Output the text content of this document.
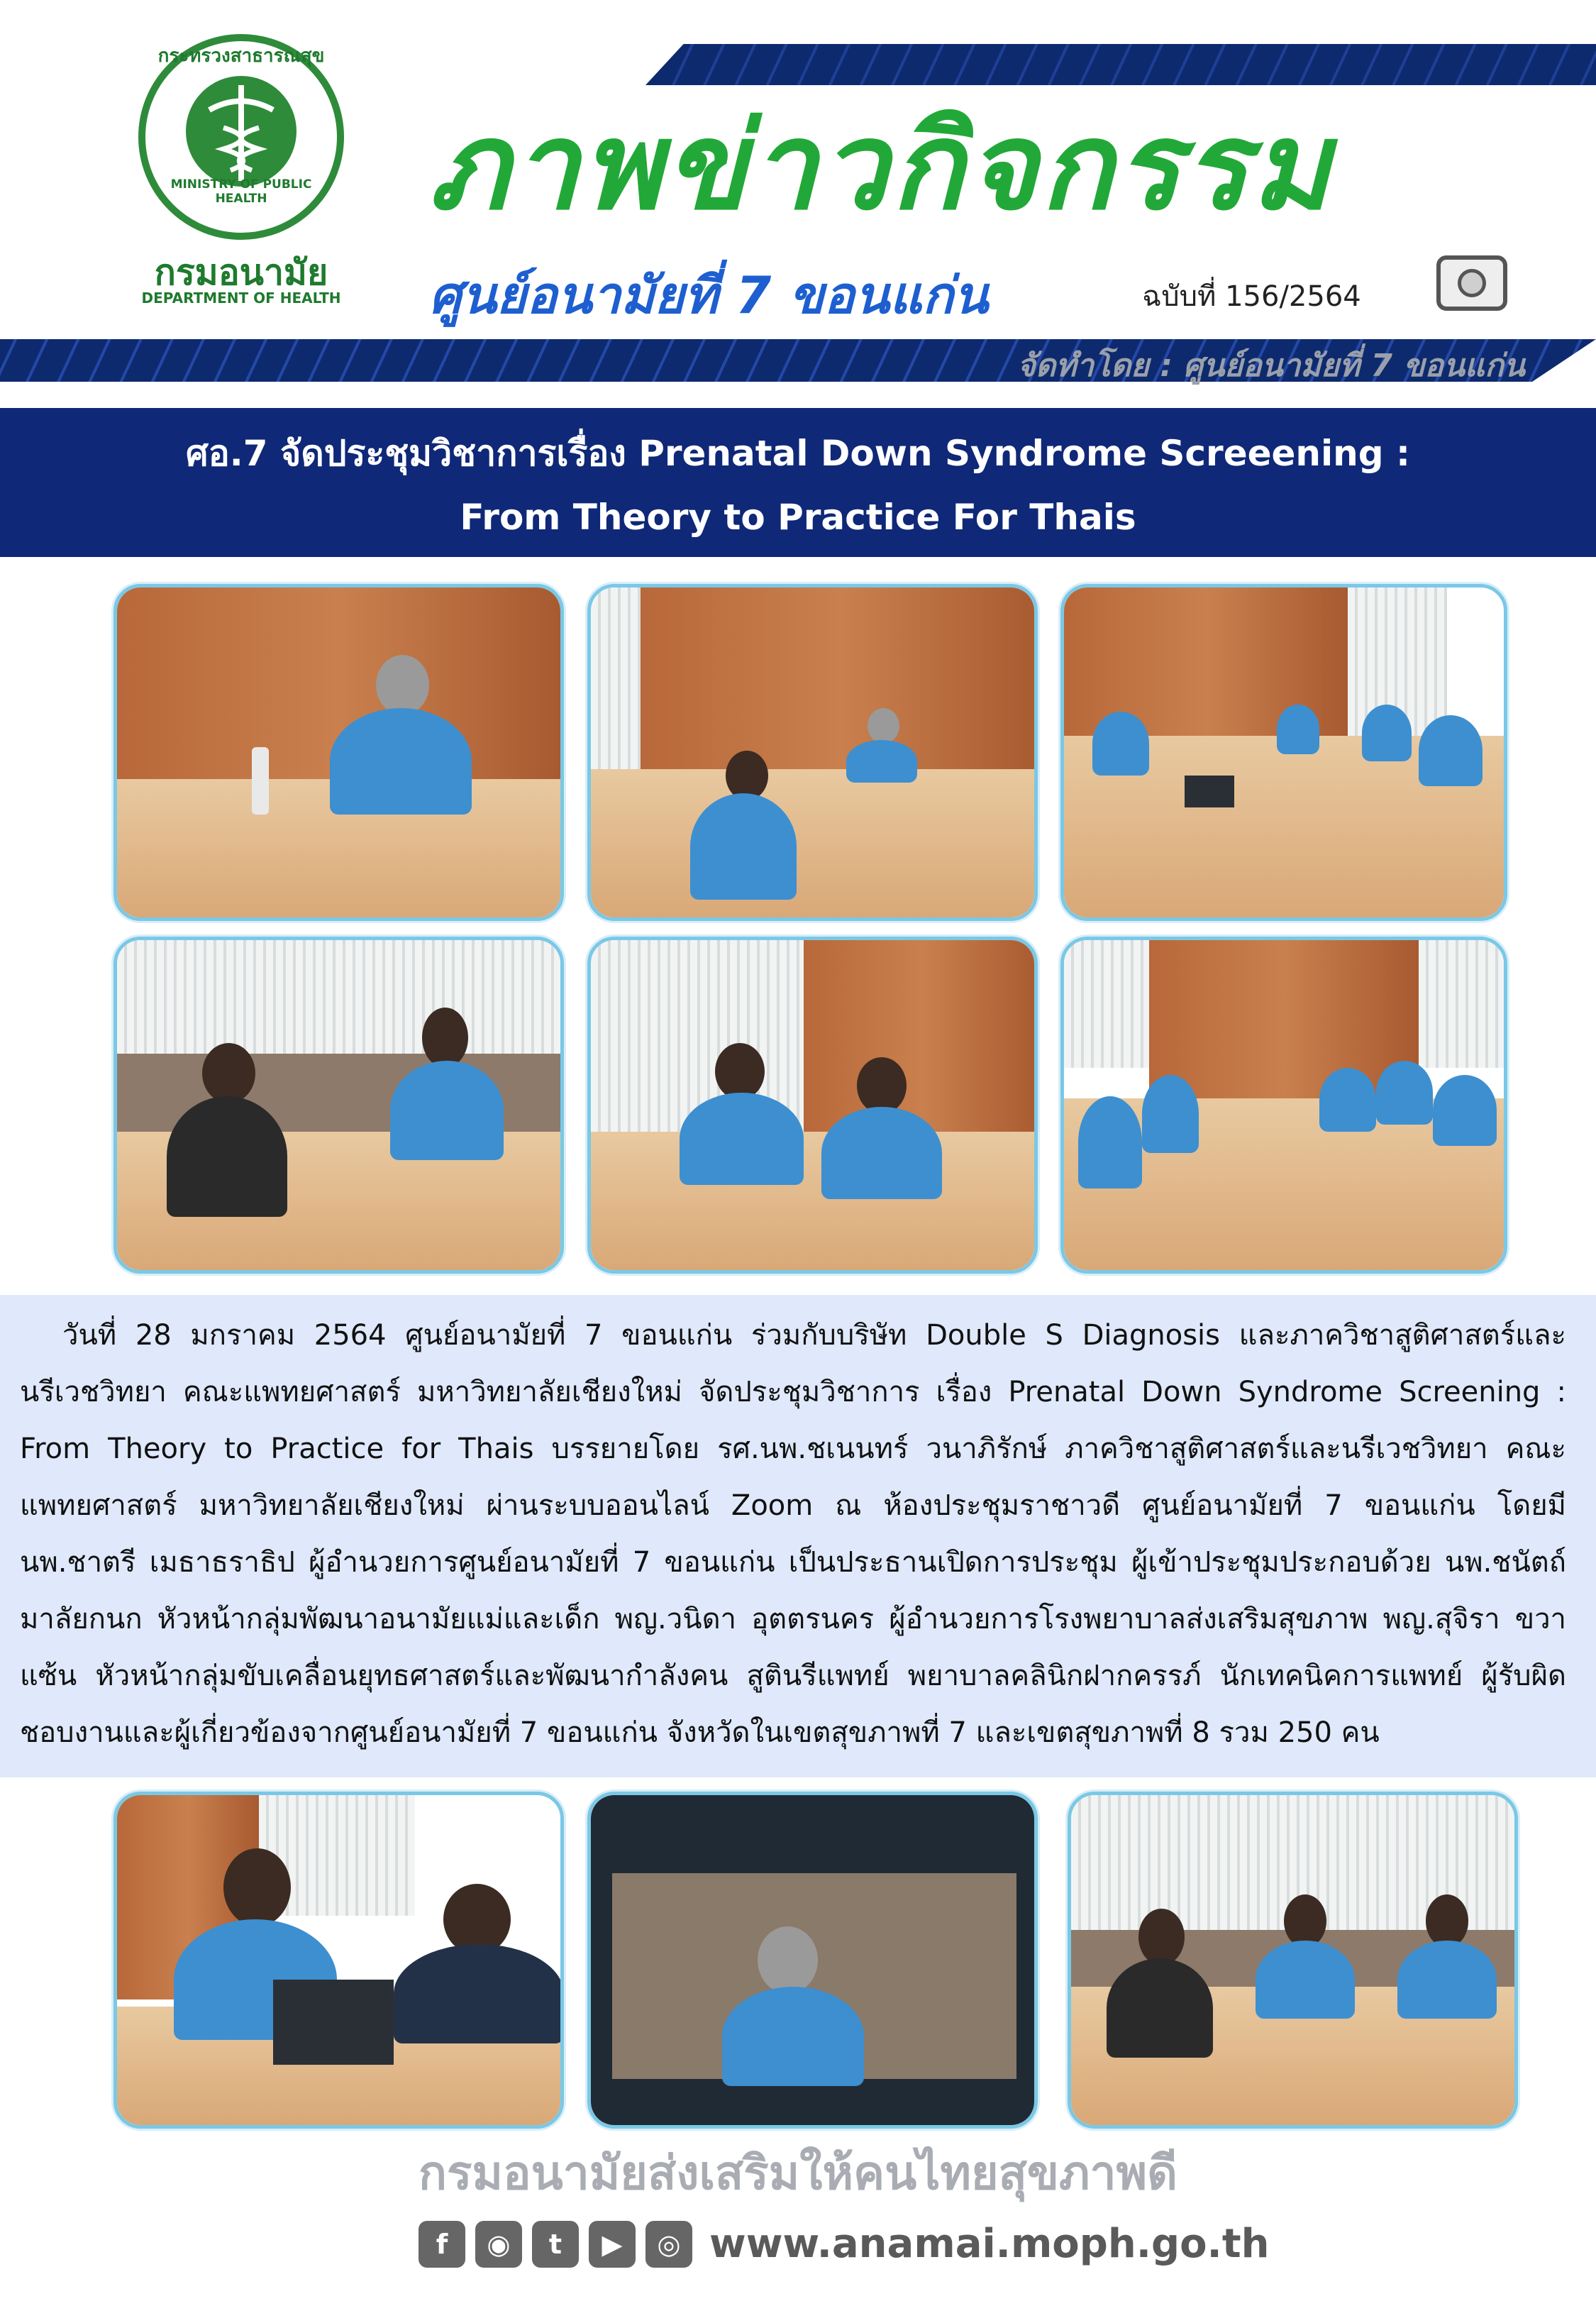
กระทรวงสาธารณสุข
MINISTRY OF PUBLIC HEALTH
กรมอนามัย
DEPARTMENT OF HEALTH
ภาพข่าวกิจกรรม
ศูนย์อนามัยที่ 7 ขอนแก่น	ฉบับที่ 156/2564
จัดทำโดย : ศูนย์อนามัยที่ 7 ขอนแก่น
ศอ.7 จัดประชุมวิชาการเรื่อง Prenatal Down Syndrome Screeening :
From Theory to Practice For Thais
วันที่ 28 มกราคม 2564 ศูนย์อนามัยที่ 7 ขอนแก่น ร่วมกับบริษัท Double S Diagnosis และภาควิชาสูติศาสตร์และนรีเวชวิทยา คณะแพทยศาสตร์ มหาวิทยาลัยเชียงใหม่ จัดประชุมวิชาการ เรื่อง Prenatal Down Syndrome Screening : From Theory to Practice for Thais บรรยายโดย รศ.นพ.ชเนนทร์ วนาภิรักษ์ ภาควิชาสูติศาสตร์และนรีเวชวิทยา คณะแพทยศาสตร์ มหาวิทยาลัยเชียงใหม่ ผ่านระบบออนไลน์ Zoom ณ ห้องประชุมราชาวดี ศูนย์อนามัยที่ 7 ขอนแก่น โดยมี นพ.ชาตรี เมธาธราธิป ผู้อำนวยการศูนย์อนามัยที่ 7 ขอนแก่น เป็นประธานเปิดการประชุม ผู้เข้าประชุมประกอบด้วย นพ.ชนัตถ์ มาลัยกนก หัวหน้ากลุ่มพัฒนาอนามัยแม่และเด็ก พญ.วนิดา อุตตรนคร ผู้อำนวยการโรงพยาบาลส่งเสริมสุขภาพ พญ.สุจิรา ขวาแซ้น หัวหน้ากลุ่มขับเคลื่อนยุทธศาสตร์และพัฒนากำลังคน สูตินรีแพทย์ พยาบาลคลินิกฝากครรภ์ นักเทคนิคการแพทย์ ผู้รับผิดชอบงานและผู้เกี่ยวข้องจากศูนย์อนามัยที่ 7 ขอนแก่น จังหวัดในเขตสุขภาพที่ 7 และเขตสุขภาพที่ 8 รวม 250 คน
กรมอนามัยส่งเสริมให้คนไทยสุขภาพดี
f	◉	t	▶	◎ www.anamai.moph.go.th
